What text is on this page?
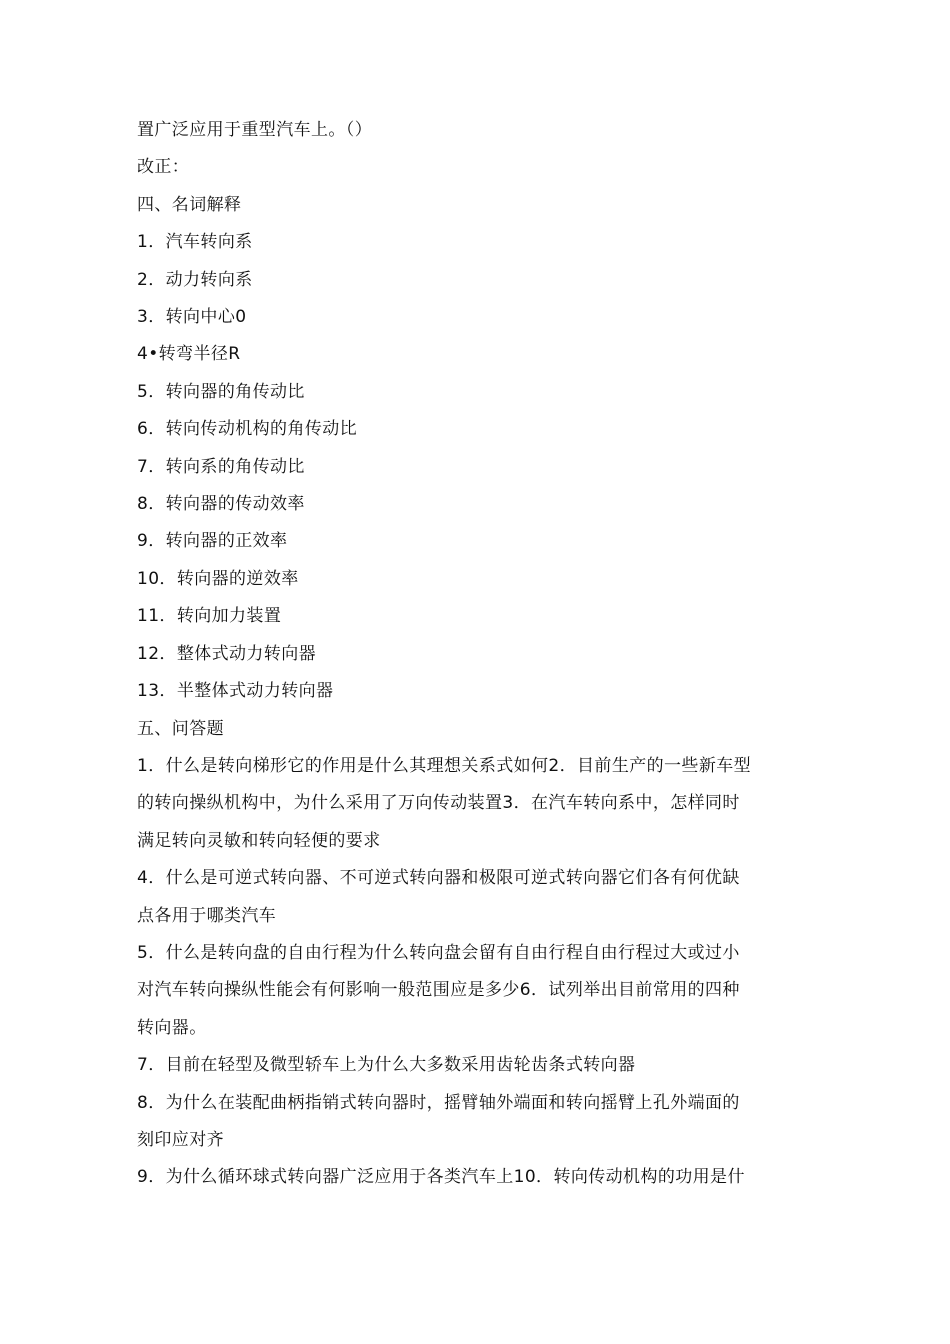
置广泛应用于重型汽车上。（）

改正：

四、名词解释

1．汽车转向系

2．动力转向系

3．转向中心0

4•转弯半径R

5．转向器的角传动比

6．转向传动机构的角传动比

7．转向系的角传动比

8．转向器的传动效率

9．转向器的正效率

10．转向器的逆效率

11．转向加力装置

12．整体式动力转向器

13．半整体式动力转向器

五、问答题

1．什么是转向梯形它的作用是什么其理想关系式如何2．目前生产的一些新车型

的转向操纵机构中，为什么采用了万向传动装置3．在汽车转向系中，怎样同时

满足转向灵敏和转向轻便的要求

4．什么是可逆式转向器、不可逆式转向器和极限可逆式转向器它们各有何优缺

点各用于哪类汽车

5．什么是转向盘的自由行程为什么转向盘会留有自由行程自由行程过大或过小

对汽车转向操纵性能会有何影响一般范围应是多少6．试列举出目前常用的四种

转向器。

7．目前在轻型及微型轿车上为什么大多数采用齿轮齿条式转向器

8．为什么在装配曲柄指销式转向器时，摇臂轴外端面和转向摇臂上孔外端面的

刻印应对齐

9．为什么循环球式转向器广泛应用于各类汽车上10．转向传动机构的功用是什
